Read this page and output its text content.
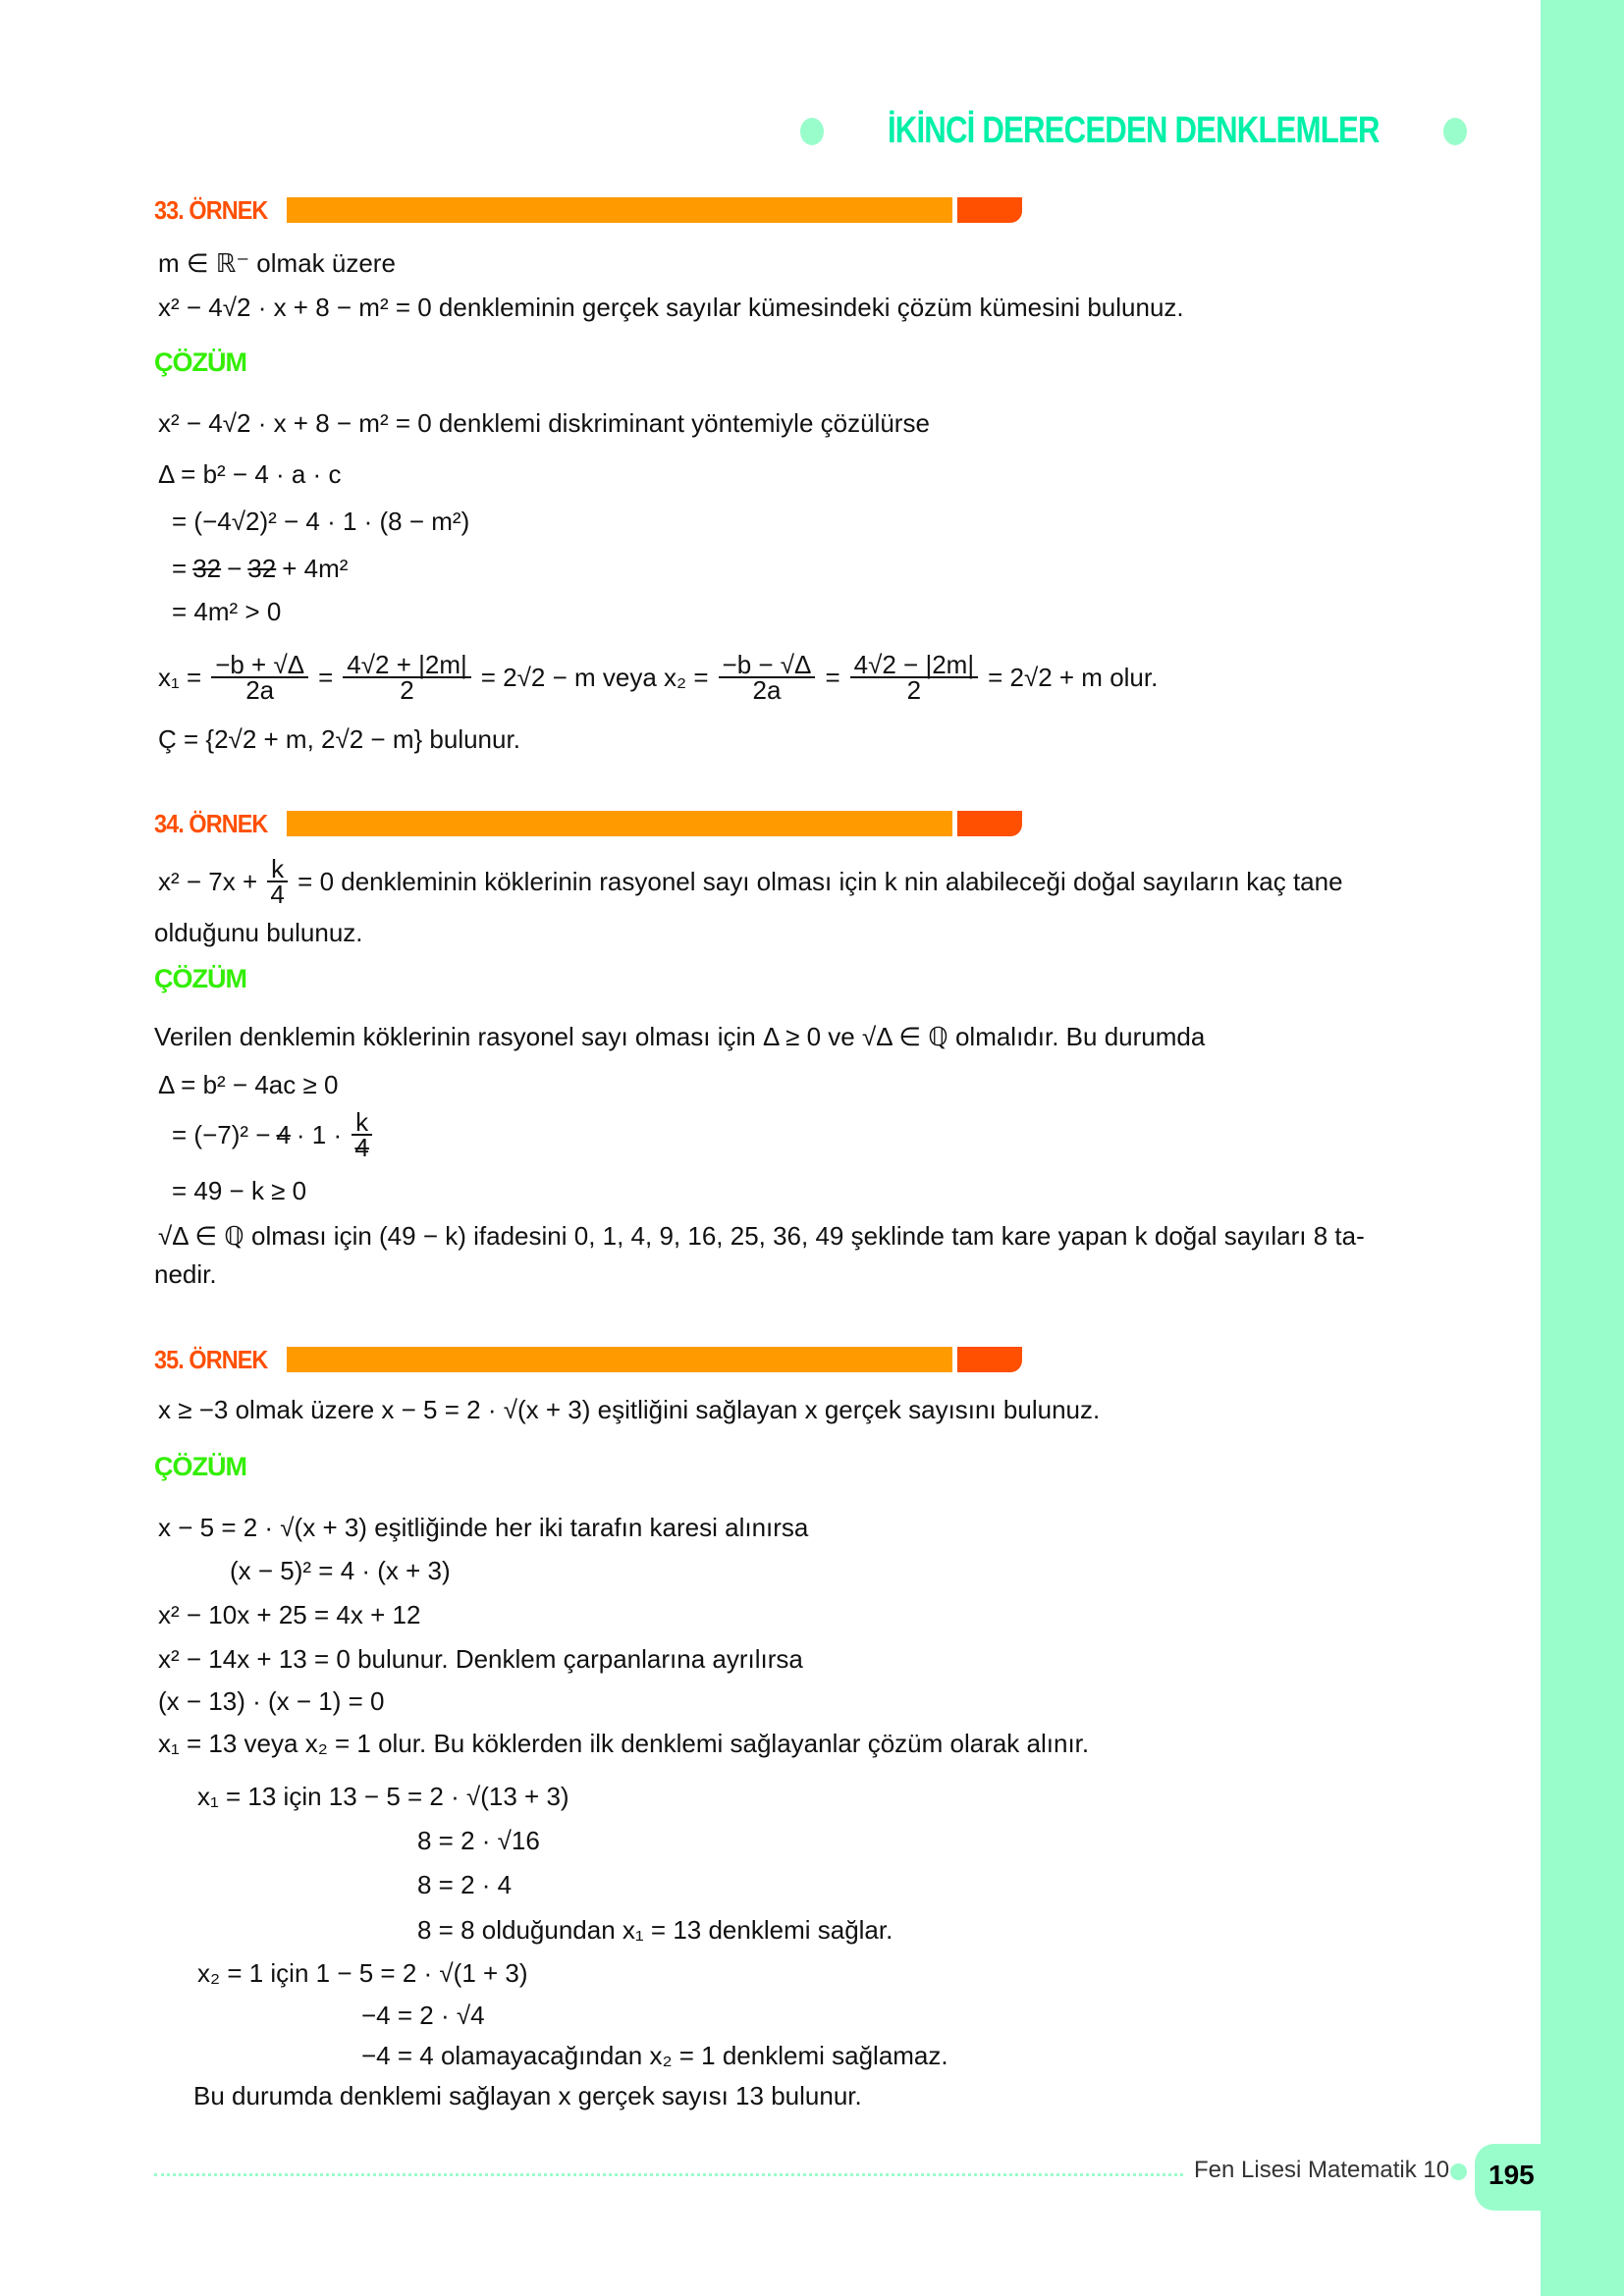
İKİNCİ DERECEDEN DENKLEMLER
33. ÖRNEK
m ∈ ℝ⁻ olmak üzere
x² − 4√2 · x + 8 − m² = 0 denkleminin gerçek sayılar kümesindeki çözüm kümesini bulunuz.
ÇÖZÜM
x² − 4√2 · x + 8 − m² = 0 denklemi diskriminant yöntemiyle çözülürse
Δ = b² − 4 · a · c
= (−4√2)² − 4 · 1 · (8 − m²)
= 32 − 32 + 4m²
= 4m² > 0
$x_1 = \frac{-b + √\Delta}{2a} = \frac{4√2 + |2m|}{2} = 2√2 - m$ veya $x_2 = \frac{-b - √\Delta}{2a} = \frac{4√2 - |2m|}{2} = 2√2 + m$ olur.
Ç = {2√2 + m, 2√2 − m} bulunur.
34. ÖRNEK
$x^2 - 7x + \frac{k}{4} = 0$ denkleminin köklerinin rasyonel sayı olması için k nin alabileceği doğal sayıların kaç tane
olduğunu bulunuz.
ÇÖZÜM
Verilen denklemin köklerinin rasyonel sayı olması için Δ ≥ 0 ve √Δ ∈ ℚ olmalıdır. Bu durumda
Δ = b² − 4ac ≥ 0
= $(-7)^2 - 4 \cdot 1 \cdot \frac{k}{4}$
= 49 − k ≥ 0
√Δ ∈ ℚ olması için (49 − k) ifadesini 0, 1, 4, 9, 16, 25, 36, 49 şeklinde tam kare yapan k doğal sayıları 8 ta-
nedir.
35. ÖRNEK
x ≥ −3 olmak üzere x − 5 = 2 · √(x + 3) eşitliğini sağlayan x gerçek sayısını bulunuz.
ÇÖZÜM
x − 5 = 2 · √(x + 3) eşitliğinde her iki tarafın karesi alınırsa
(x − 5)² = 4 · (x + 3)
x² − 10x + 25 = 4x + 12
x² − 14x + 13 = 0 bulunur. Denklem çarpanlarına ayrılırsa
(x − 13) · (x − 1) = 0
x₁ = 13 veya x₂ = 1 olur. Bu köklerden ilk denklemi sağlayanlar çözüm olarak alınır.
x₁ = 13 için 13 − 5 = 2 · √(13 + 3)
8 = 2 · √16
8 = 2 · 4
8 = 8 olduğundan x₁ = 13 denklemi sağlar.
x₂ = 1 için 1 − 5 = 2 · √(1 + 3)
−4 = 2 · √4
−4 = 4 olamayacağından x₂ = 1 denklemi sağlamaz.
Bu durumda denklemi sağlayan x gerçek sayısı 13 bulunur.
Fen Lisesi Matematik 10 195
